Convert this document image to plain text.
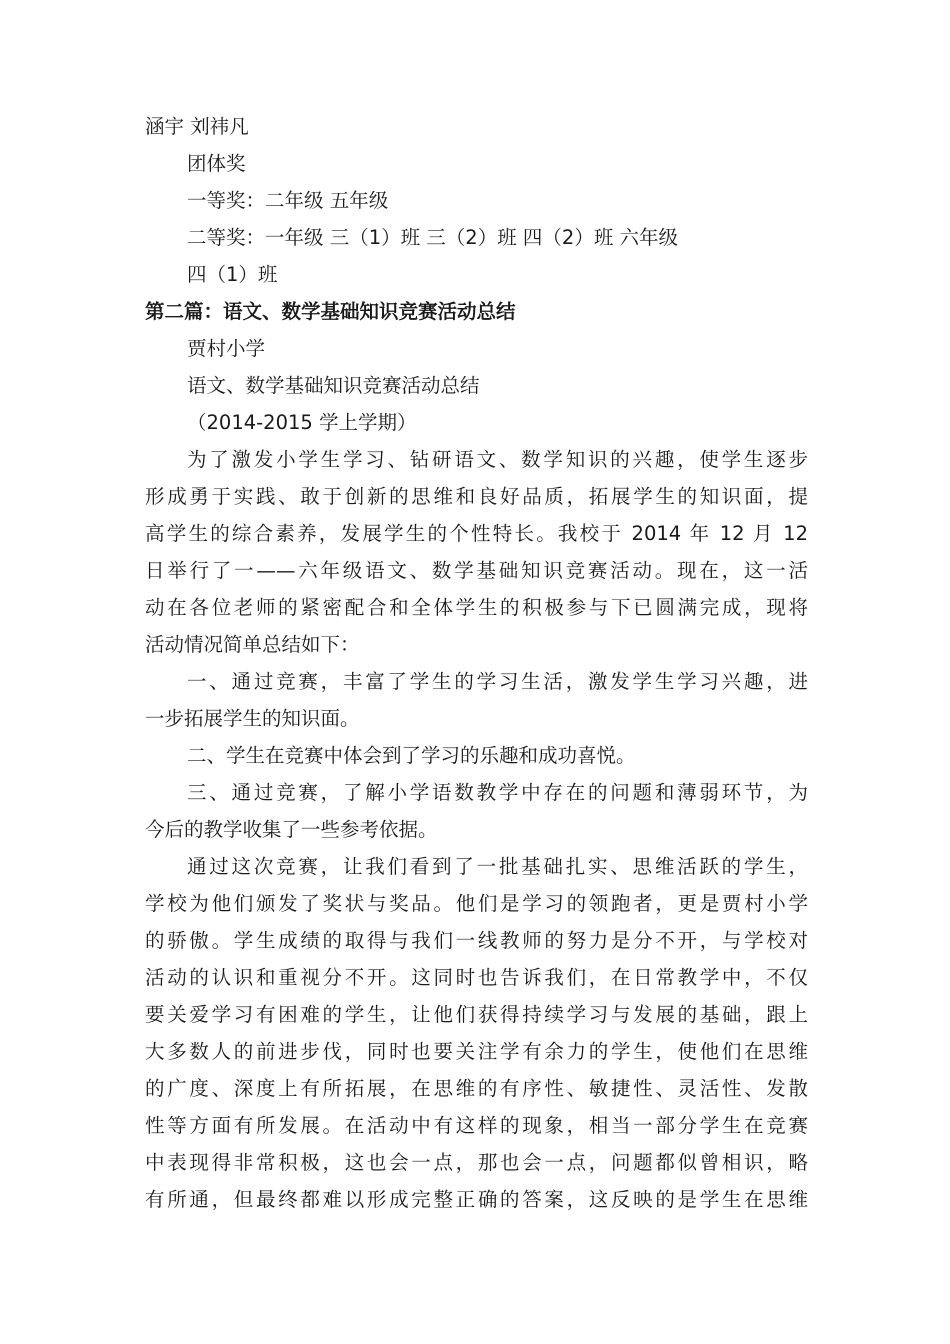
涵宇 刘祎凡
团体奖
一等奖：二年级 五年级
二等奖：一年级 三（1）班 三（2）班 四（2）班 六年级
四（1）班
第二篇：语文、数学基础知识竞赛活动总结
贾村小学
语文、数学基础知识竞赛活动总结
（2014-2015 学上学期）
为了激发小学生学习、钻研语文、数学知识的兴趣，使学生逐步
形成勇于实践、敢于创新的思维和良好品质，拓展学生的知识面，提
高学生的综合素养，发展学生的个性特长。我校于 2014 年 12 月 12
日举行了一——六年级语文、数学基础知识竞赛活动。现在，这一活
动在各位老师的紧密配合和全体学生的积极参与下已圆满完成，现将
活动情况简单总结如下：
一、通过竞赛，丰富了学生的学习生活，激发学生学习兴趣，进
一步拓展学生的知识面。
二、学生在竞赛中体会到了学习的乐趣和成功喜悦。
三、通过竞赛，了解小学语数教学中存在的问题和薄弱环节，为
今后的教学收集了一些参考依据。
通过这次竞赛，让我们看到了一批基础扎实、思维活跃的学生，
学校为他们颁发了奖状与奖品。他们是学习的领跑者，更是贾村小学
的骄傲。学生成绩的取得与我们一线教师的努力是分不开，与学校对
活动的认识和重视分不开。这同时也告诉我们，在日常教学中，不仅
要关爱学习有困难的学生，让他们获得持续学习与发展的基础，跟上
大多数人的前进步伐，同时也要关注学有余力的学生，使他们在思维
的广度、深度上有所拓展，在思维的有序性、敏捷性、灵活性、发散
性等方面有所发展。在活动中有这样的现象，相当一部分学生在竞赛
中表现得非常积极，这也会一点，那也会一点，问题都似曾相识，略
有所通，但最终都难以形成完整正确的答案，这反映的是学生在思维
